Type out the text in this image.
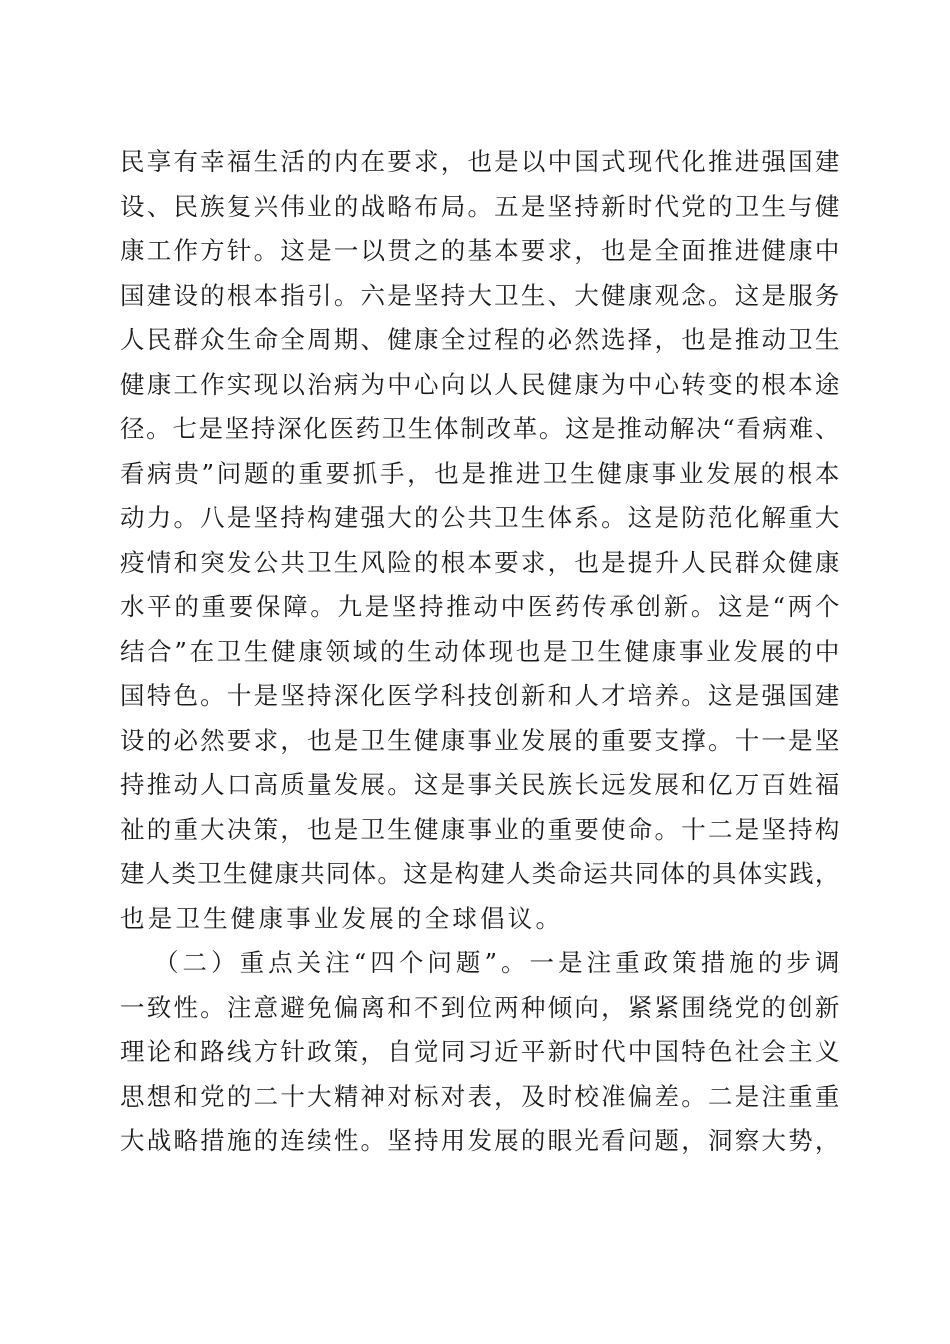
民享有幸福生活的内在要求，也是以中国式现代化推进强国建
设、民族复兴伟业的战略布局。五是坚持新时代党的卫生与健
康工作方针。这是一以贯之的基本要求，也是全面推进健康中
国建设的根本指引。六是坚持大卫生、大健康观念。这是服务
人民群众生命全周期、健康全过程的必然选择，也是推动卫生
健康工作实现以治病为中心向以人民健康为中心转变的根本途
径。七是坚持深化医药卫生体制改革。这是推动解决“看病难、
看病贵”问题的重要抓手，也是推进卫生健康事业发展的根本
动力。八是坚持构建强大的公共卫生体系。这是防范化解重大
疫情和突发公共卫生风险的根本要求，也是提升人民群众健康
水平的重要保障。九是坚持推动中医药传承创新。这是“两个
结合”在卫生健康领域的生动体现也是卫生健康事业发展的中
国特色。十是坚持深化医学科技创新和人才培养。这是强国建
设的必然要求，也是卫生健康事业发展的重要支撑。十一是坚
持推动人口高质量发展。这是事关民族长远发展和亿万百姓福
祉的重大决策，也是卫生健康事业的重要使命。十二是坚持构
建人类卫生健康共同体。这是构建人类命运共同体的具体实践，
也是卫生健康事业发展的全球倡议。
（二）重点关注“四个问题”。一是注重政策措施的步调
一致性。注意避免偏离和不到位两种倾向，紧紧围绕党的创新
理论和路线方针政策，自觉同习近平新时代中国特色社会主义
思想和党的二十大精神对标对表，及时校准偏差。二是注重重
大战略措施的连续性。坚持用发展的眼光看问题，洞察大势，
